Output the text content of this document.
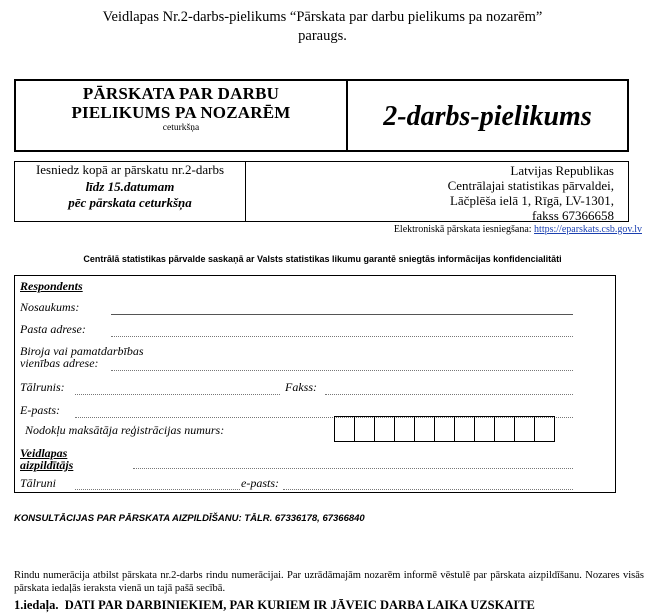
Veidlapas Nr.2-darbs-pielikums “Pārskata par darbu pielikums pa nozarēm”
paraugs.
PĀRSKATA PAR DARBU
PIELIKUMS PA NOZARĒM
ceturkšņa	2-darbs-pielikums
Iesniedz kopā ar pārskatu nr.2-darbs
līdz 15.datumam
pēc pārskata ceturkšņa
Latvijas Republikas
Centrālajai statistikas pārvaldei,
Lāčplēša ielā 1, Rīgā, LV-1301,
fakss 67366658
Elektroniskā pārskata iesniegšana: https://eparskats.csb.gov.lv
Centrālā statistikas pārvalde saskaņā ar Valsts statistikas likumu garantē sniegtās informācijas konfidencialitāti
Respondents
Nosaukums:
Pasta adrese:
Biroja vai pamatdarbības
vienības adrese:
Tālrunis:	Fakss:
E-pasts:
Nodokļu maksātāja reģistrācijas numurs:
Veidlapas
aizpildītājs
Tālruni	e-pasts:
KONSULTĀCIJAS PAR PĀRSKATA AIZPILDĪŠANU: TĀLR. 67336178, 67366840
Rindu numerācija atbilst pārskata nr.2-darbs rindu numerācijai. Par uzrādāmajām nozarēm informē vēstulē par pārskata aizpildīšanu. Nozares visās pārskata iedaļās ieraksta vienā un tajā pašā secībā.
1.iedaļa. DATI PAR DARBINIEKIEM, PAR KURIEM IR JĀVEIC DARBA LAIKA UZSKAITE
